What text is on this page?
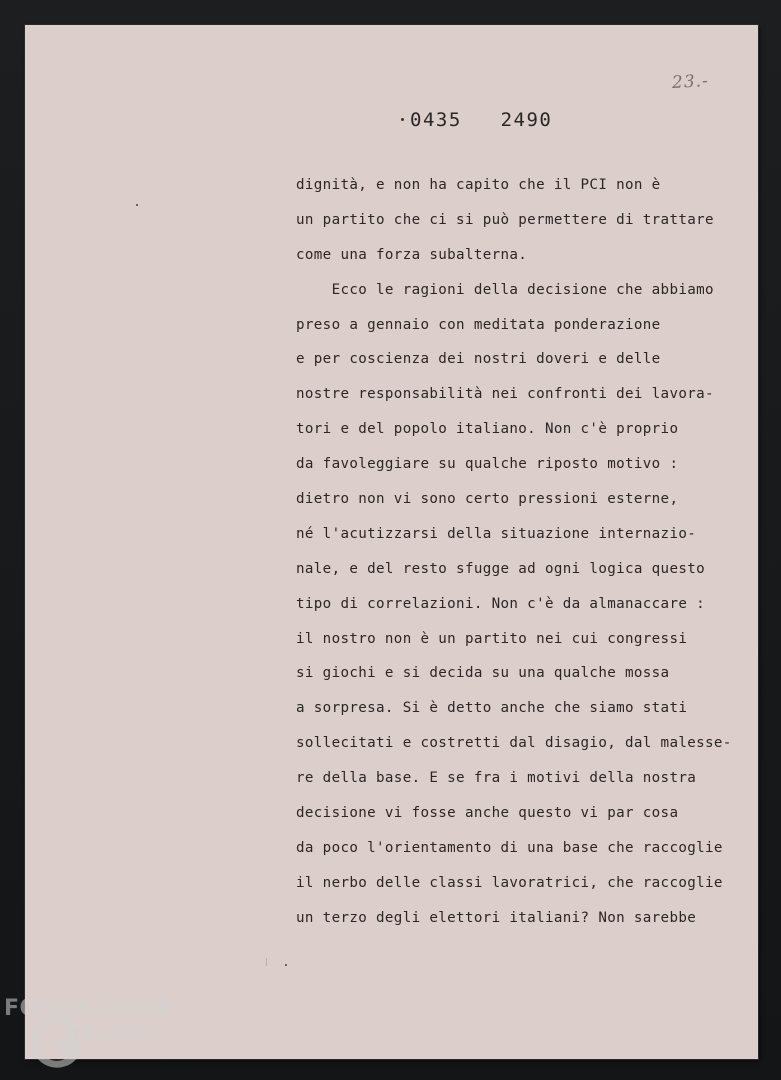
23.-
0435   2490
dignità, e non ha capito che il PCI non è
un partito che ci si può permettere di trattare
come una forza subalterna.
Ecco le ragioni della decisione che abbiamo
preso a gennaio con meditata ponderazione
e per coscienza dei nostri doveri e delle
nostre responsabilità nei confronti dei lavora-
tori e del popolo italiano. Non c'è proprio
da favoleggiare su qualche riposto motivo :
dietro non vi sono certo pressioni esterne,
né l'acutizzarsi della situazione internazio-
nale, e del resto sfugge ad ogni logica questo
tipo di correlazioni. Non c'è da almanaccare :
il nostro non è un partito nei cui congressi
si giochi e si decida su una qualche mossa
a sorpresa. Si è detto anche che siamo stati
sollecitati e costretti dal disagio, dal malesse-
re della base. E se fra i motivi della nostra
decisione vi fosse anche questo vi par cosa
da poco l'orientamento di una base che raccoglie
il nerbo delle classi lavoratrici, che raccoglie
un terzo degli elettori italiani? Non sarebbe
FONDAZIONE
RAMSCI
onlus
